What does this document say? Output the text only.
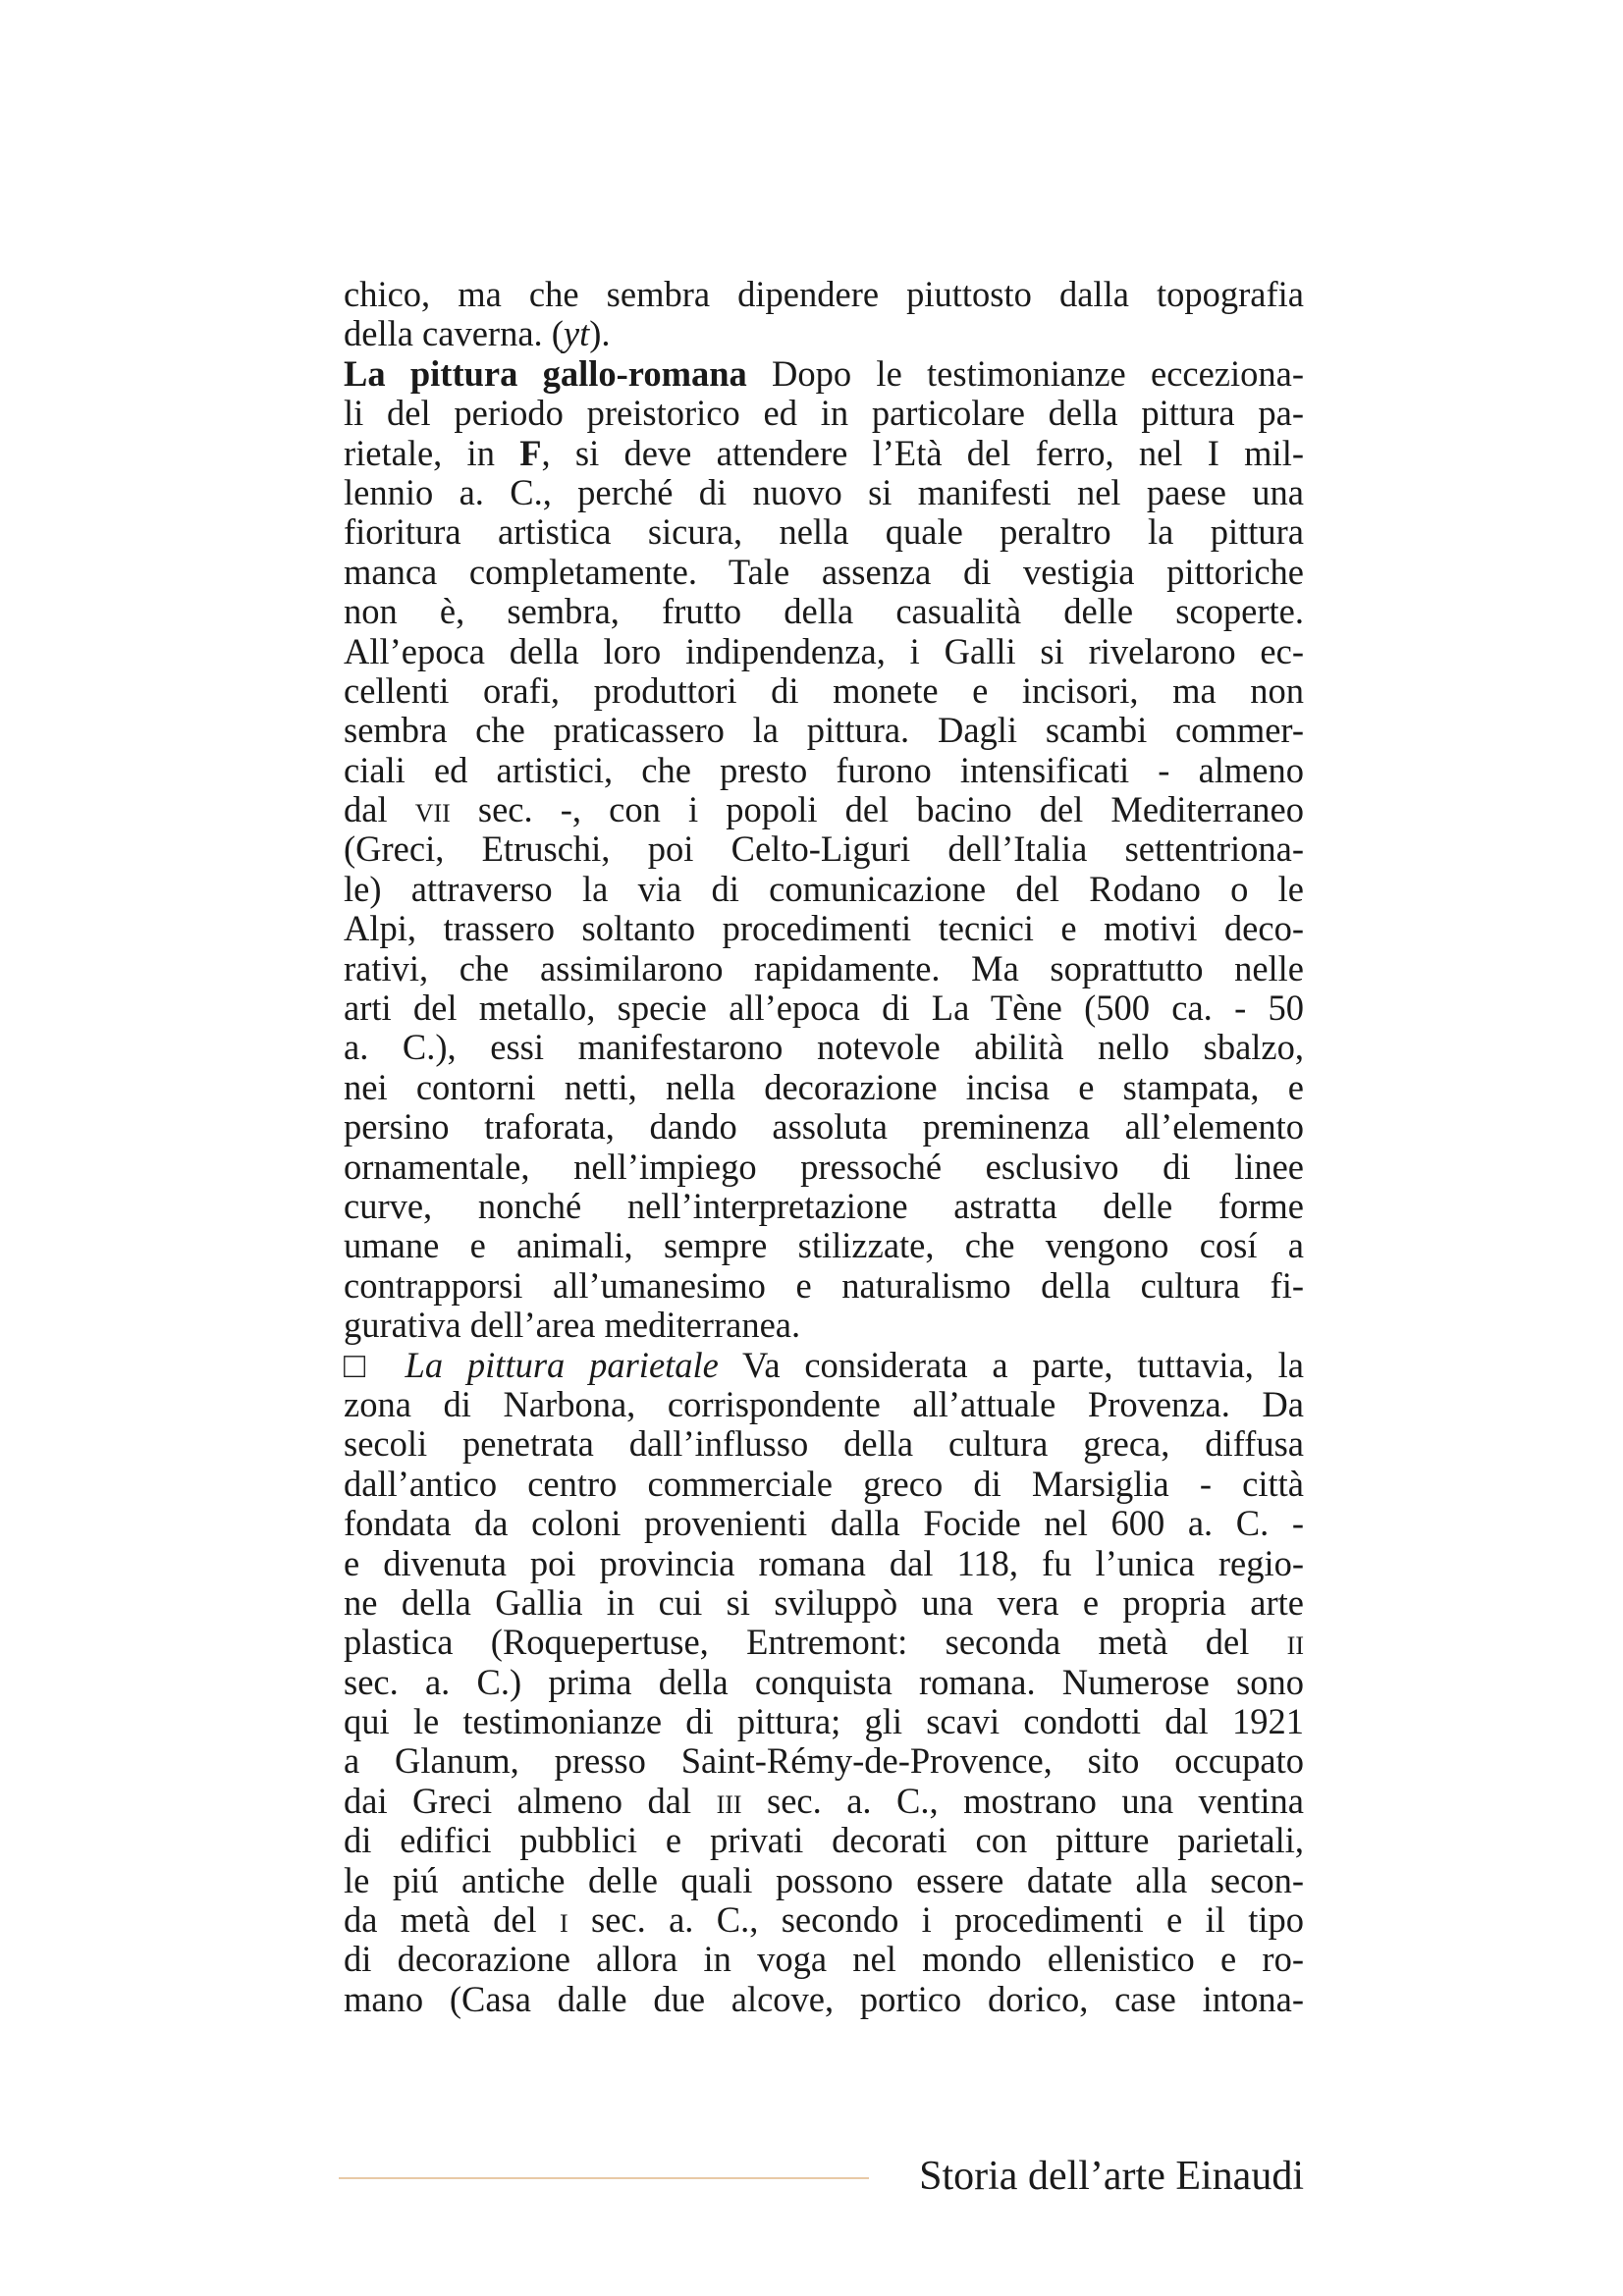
chico, ma che sembra dipendere piuttosto dalla topografia
della caverna. (yt).
La pittura gallo-romana Dopo le testimonianze ecceziona-
li del periodo preistorico ed in particolare della pittura pa-
rietale, in F, si deve attendere l’Età del ferro, nel I mil-
lennio a. C., perché di nuovo si manifesti nel paese una
fioritura artistica sicura, nella quale peraltro la pittura
manca completamente. Tale assenza di vestigia pittoriche
non è, sembra, frutto della casualità delle scoperte.
All’epoca della loro indipendenza, i Galli si rivelarono ec-
cellenti orafi, produttori di monete e incisori, ma non
sembra che praticassero la pittura. Dagli scambi commer-
ciali ed artistici, che presto furono intensificati - almeno
dal vii sec. -, con i popoli del bacino del Mediterraneo
(Greci, Etruschi, poi Celto-Liguri dell’Italia settentriona-
le) attraverso la via di comunicazione del Rodano o le
Alpi, trassero soltanto procedimenti tecnici e motivi deco-
rativi, che assimilarono rapidamente. Ma soprattutto nelle
arti del metallo, specie all’epoca di La Tène (500 ca. - 50
a. C.), essi manifestarono notevole abilità nello sbalzo,
nei contorni netti, nella decorazione incisa e stampata, e
persino traforata, dando assoluta preminenza all’elemento
ornamentale, nell’impiego pressoché esclusivo di linee
curve, nonché nell’interpretazione astratta delle forme
umane e animali, sempre stilizzate, che vengono cosí a
contrapporsi all’umanesimo e naturalismo della cultura fi-
gurativa dell’area mediterranea.
□ La pittura parietale Va considerata a parte, tuttavia, la
zona di Narbona, corrispondente all’attuale Provenza. Da
secoli penetrata dall’influsso della cultura greca, diffusa
dall’antico centro commerciale greco di Marsiglia - città
fondata da coloni provenienti dalla Focide nel 600 a. C. -
e divenuta poi provincia romana dal 118, fu l’unica regio-
ne della Gallia in cui si sviluppò una vera e propria arte
plastica (Roquepertuse, Entremont: seconda metà del ii
sec. a. C.) prima della conquista romana. Numerose sono
qui le testimonianze di pittura; gli scavi condotti dal 1921
a Glanum, presso Saint-Rémy-de-Provence, sito occupato
dai Greci almeno dal iii sec. a. C., mostrano una ventina
di edifici pubblici e privati decorati con pitture parietali,
le piú antiche delle quali possono essere datate alla secon-
da metà del i sec. a. C., secondo i procedimenti e il tipo
di decorazione allora in voga nel mondo ellenistico e ro-
mano (Casa dalle due alcove, portico dorico, case intona-
Storia dell’arte Einaudi
